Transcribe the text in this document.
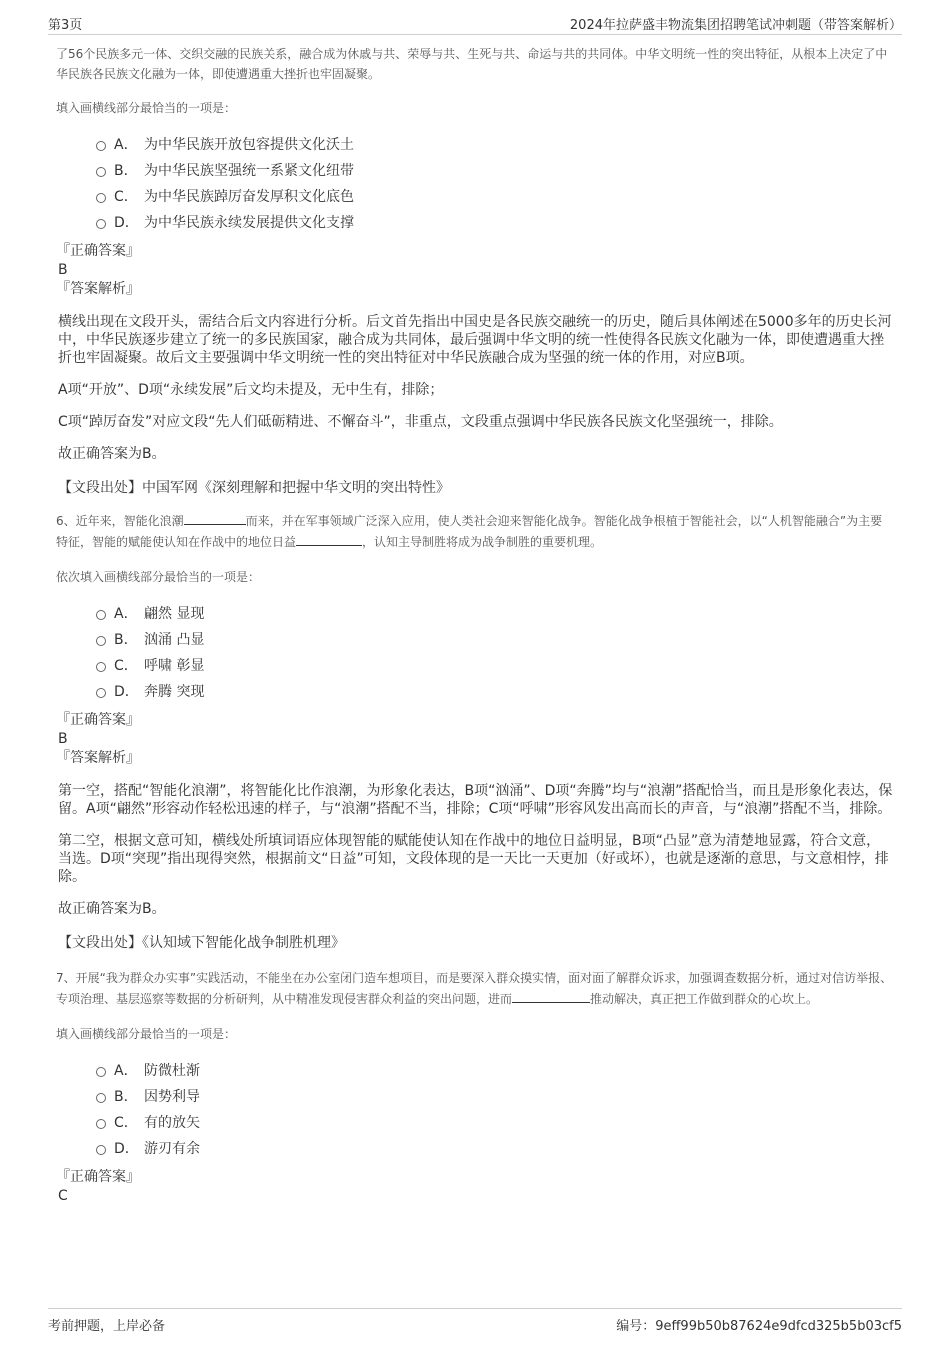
第3页	2024年拉萨盛丰物流集团招聘笔试冲刺题（带答案解析）

了56个民族多元一体、交织交融的民族关系，融合成为休戚与共、荣辱与共、生死与共、命运与共的共同体。中华文明统一性的突出特征，从根本上决定了中华民族各民族文化融为一体，即使遭遇重大挫折也牢固凝聚。

填入画横线部分最恰当的一项是：

A． 为中华民族开放包容提供文化沃土
B． 为中华民族坚强统一系紧文化纽带
C． 为中华民族踔厉奋发厚积文化底色
D． 为中华民族永续发展提供文化支撑

『正确答案』

B

『答案解析』

横线出现在文段开头，需结合后文内容进行分析。后文首先指出中国史是各民族交融统一的历史，随后具体阐述在5000多年的历史长河中，中华民族逐步建立了统一的多民族国家，融合成为共同体，最后强调中华文明的统一性使得各民族文化融为一体，即使遭遇重大挫折也牢固凝聚。故后文主要强调中华文明统一性的突出特征对中华民族融合成为坚强的统一体的作用，对应B项。

A项“开放”、D项“永续发展”后文均未提及，无中生有，排除；

C项“踔厉奋发”对应文段“先人们砥砺精进、不懈奋斗”，非重点，文段重点强调中华民族各民族文化坚强统一，排除。

故正确答案为B。

【文段出处】中国军网《深刻理解和把握中华文明的突出特性》

6、近年来，智能化浪潮	而来，并在军事领域广泛深入应用，使人类社会迎来智能化战争。智能化战争根植于智能社会，以“人机智能融合”为主要特征，智能的赋能使认知在作战中的地位日益	，认知主导制胜将成为战争制胜的重要机理。

依次填入画横线部分最恰当的一项是：

A． 翩然 显现
B． 汹涌 凸显
C． 呼啸 彰显
D． 奔腾 突现

『正确答案』

B

『答案解析』

第一空，搭配“智能化浪潮”，将智能化比作浪潮，为形象化表达，B项“汹涌”、D项“奔腾”均与“浪潮”搭配恰当，而且是形象化表达，保留。A项“翩然”形容动作轻松迅速的样子，与“浪潮”搭配不当，排除；C项“呼啸”形容风发出高而长的声音，与“浪潮”搭配不当，排除。

第二空，根据文意可知，横线处所填词语应体现智能的赋能使认知在作战中的地位日益明显，B项“凸显”意为清楚地显露，符合文意，当选。D项“突现”指出现得突然，根据前文“日益”可知，文段体现的是一天比一天更加（好或坏），也就是逐渐的意思，与文意相悖，排除。

故正确答案为B。

【文段出处】《认知域下智能化战争制胜机理》

7、开展“我为群众办实事”实践活动，不能坐在办公室闭门造车想项目，而是要深入群众摸实情，面对面了解群众诉求，加强调查数据分析，通过对信访举报、专项治理、基层巡察等数据的分析研判，从中精准发现侵害群众利益的突出问题，进而	推动解决，真正把工作做到群众的心坎上。

填入画横线部分最恰当的一项是：

A． 防微杜渐
B． 因势利导
C． 有的放矢
D． 游刃有余

『正确答案』

C

考前押题，上岸必备	编号：9eff99b50b87624e9dfcd325b5b03cf5
